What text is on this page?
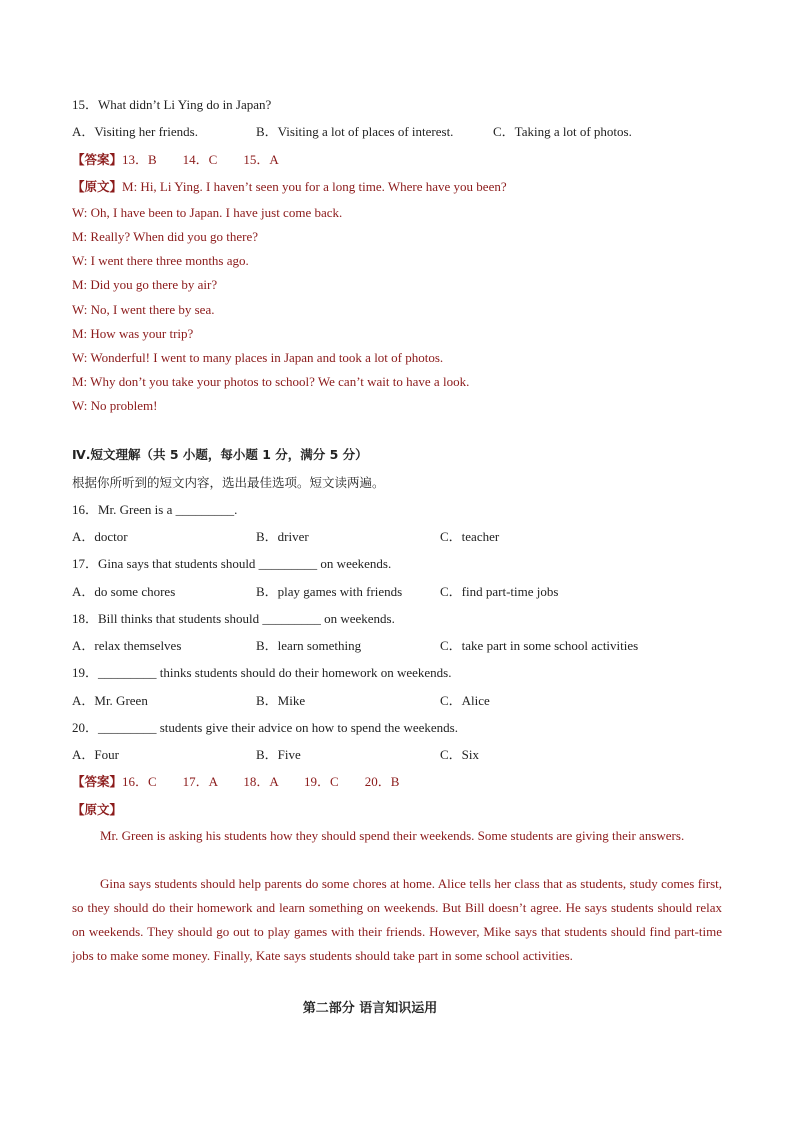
15．What didn’t Li Ying do in Japan?
A．Visiting her friends.	B．Visiting a lot of places of interest.	C．Taking a lot of photos.
【答案】13．B        14．C        15．A
【原文】M: Hi, Li Ying. I haven’t seen you for a long time. Where have you been?
W: Oh, I have been to Japan. I have just come back.
M: Really? When did you go there?
W: I went there three months ago.
M: Did you go there by air?
W: No, I went there by sea.
M: How was your trip?
W: Wonderful! I went to many places in Japan and took a lot of photos.
M: Why don’t you take your photos to school? We can’t wait to have a look.
W: No problem!
Ⅳ.短文理解（共 5 小题，每小题 1 分，满分 5 分）
根据你所听到的短文内容，选出最佳选项。短文读两遍。
16．Mr. Green is a _________.
A．doctor	B．driver	C．teacher
17．Gina says that students should _________ on weekends.
A．do some chores	B．play games with friends	C．find part-time jobs
18．Bill thinks that students should _________ on weekends.
A．relax themselves	B．learn something	C．take part in some school activities
19．_________ thinks students should do their homework on weekends.
A．Mr. Green	B．Mike	C．Alice
20．_________ students give their advice on how to spend the weekends.
A．Four	B．Five	C．Six
【答案】16．C        17．A        18．A        19．C        20．B
【原文】
Mr. Green is asking his students how they should spend their weekends. Some students are giving their answers.
Gina says students should help parents do some chores at home. Alice tells her class that as students, study comes first, so they should do their homework and learn something on weekends. But Bill doesn’t agree. He says students should relax on weekends. They should go out to play games with their friends. However, Mike says that students should find part-time jobs to make some money. Finally, Kate says students should take part in some school activities.
第二部分 语言知识运用
